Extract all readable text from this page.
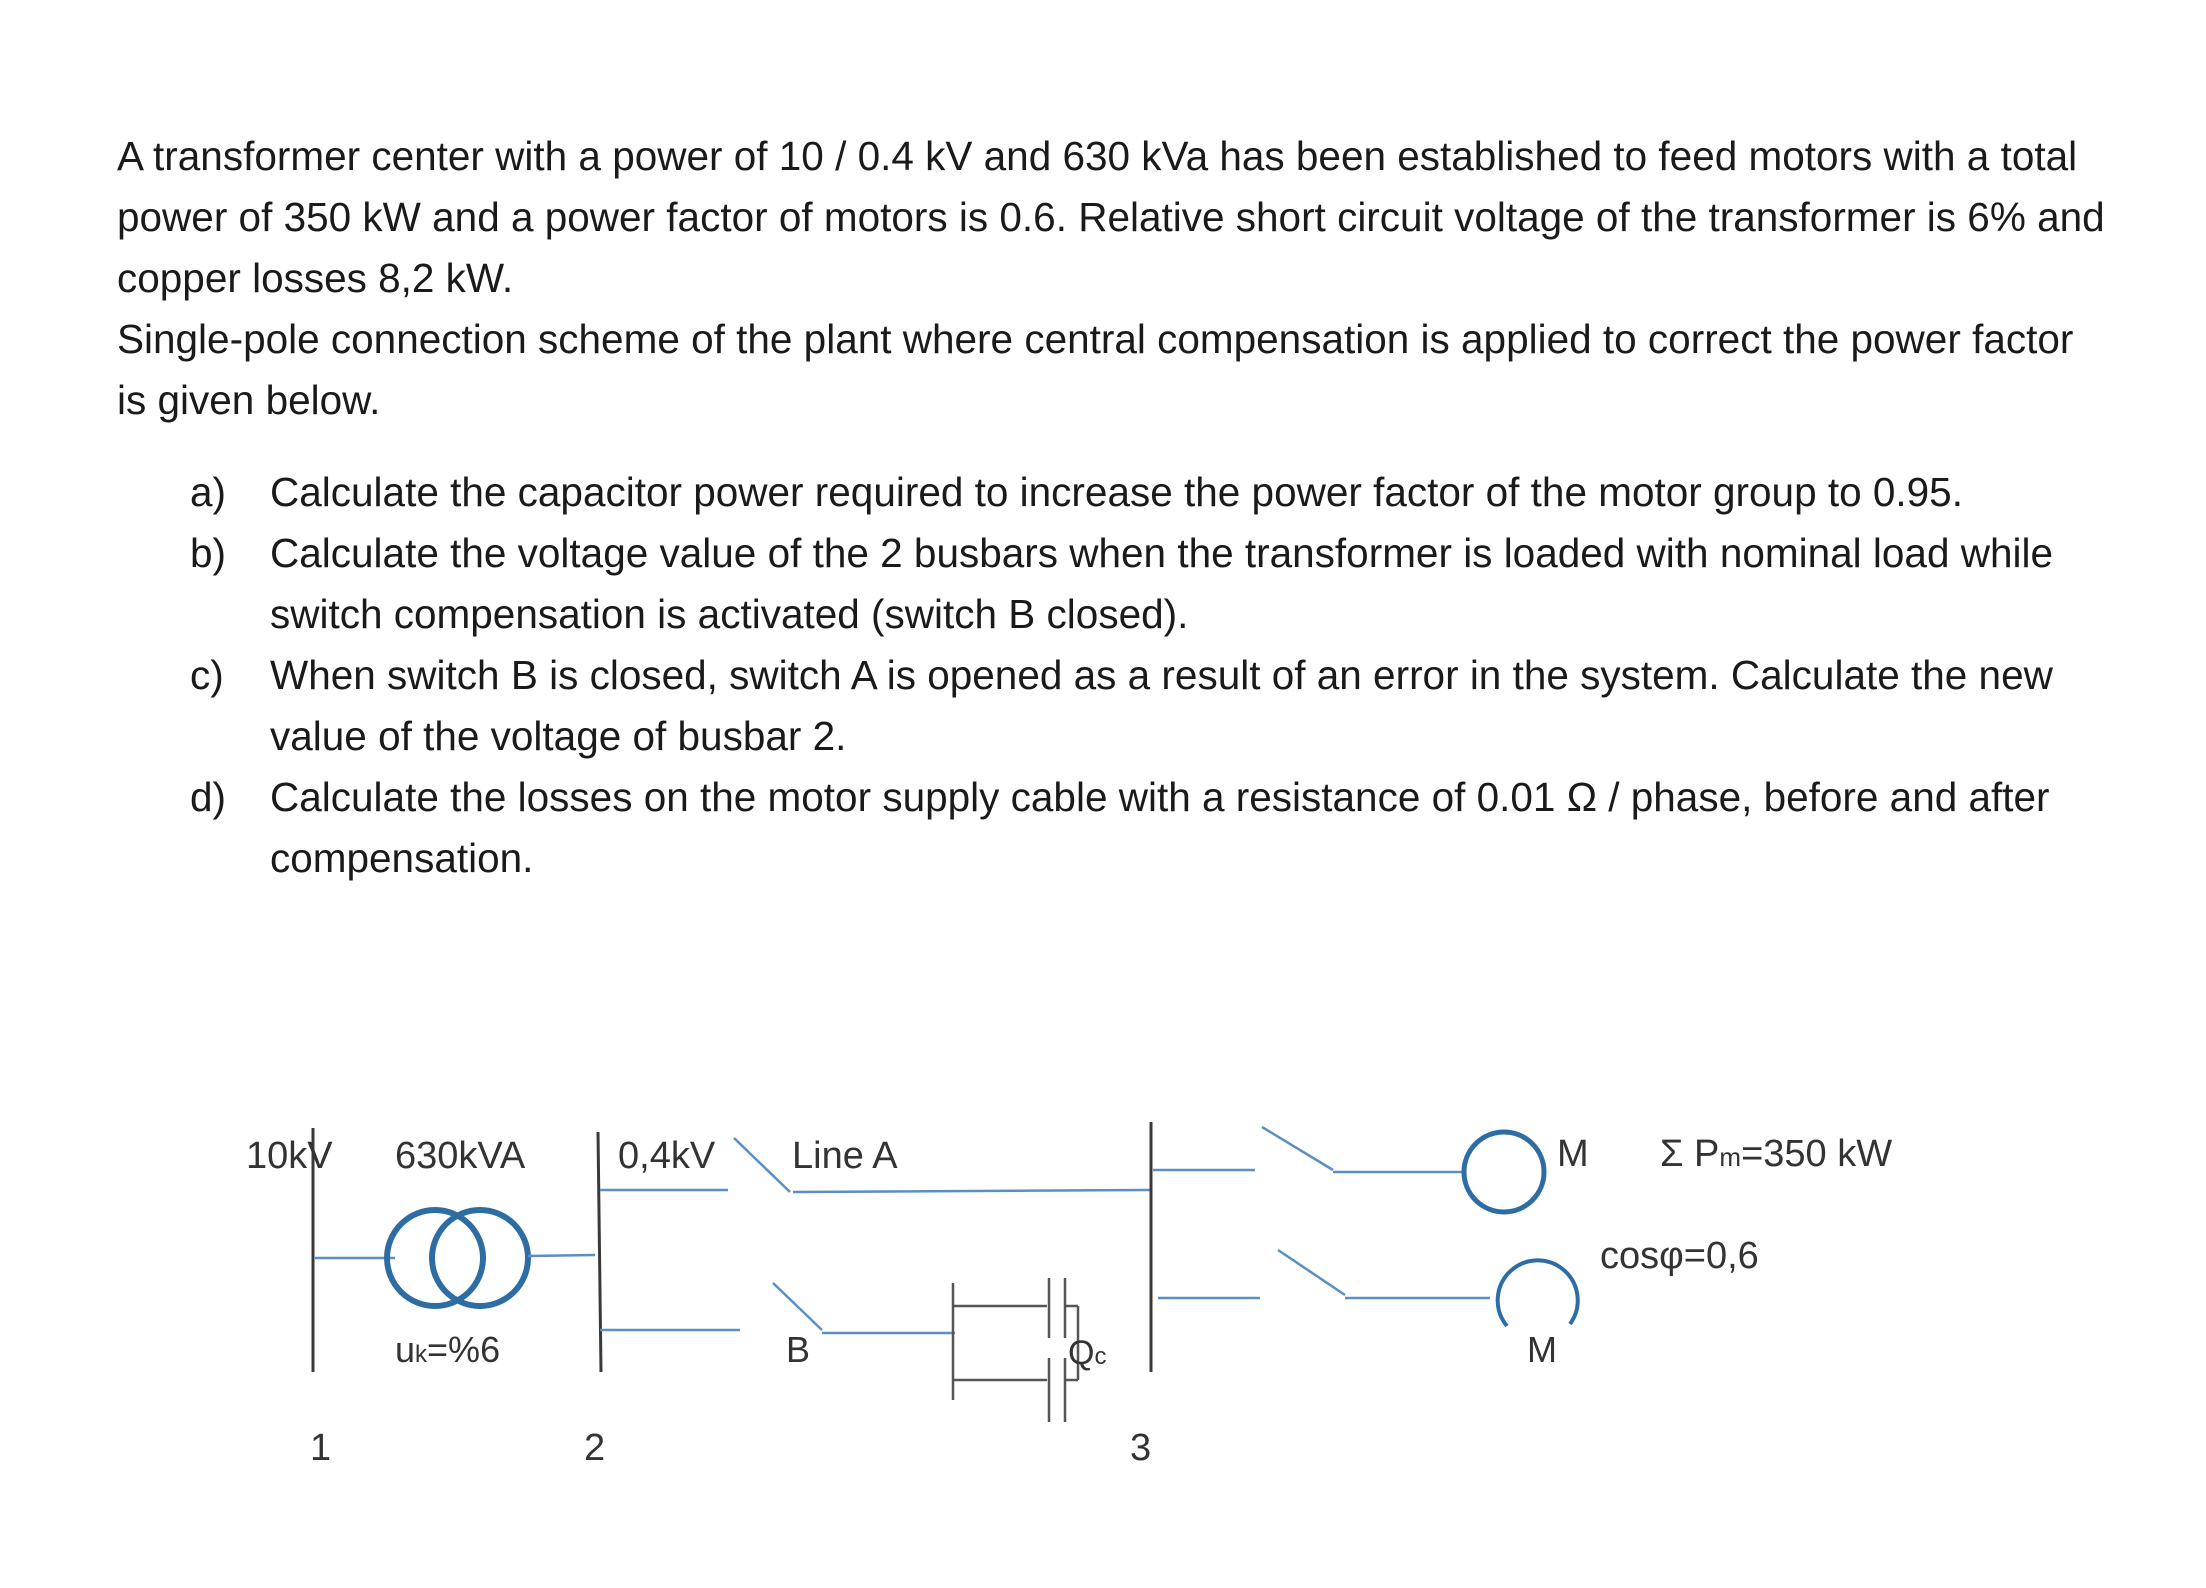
A transformer center with a power of 10 / 0.4 kV and 630 kVa has been established to feed motors with a total power of 350 kW and a power factor of motors is 0.6. Relative short circuit voltage of the transformer is 6% and copper losses 8,2 kW.

Single-pole connection scheme of the plant where central compensation is applied to correct the power factor is given below.

a)	Calculate the capacitor power required to increase the power factor of the motor group to 0.95.
b)	Calculate the voltage value of the 2 busbars when the transformer is loaded with nominal load while switch compensation is activated (switch B closed).
c)	When switch B is closed, switch A is opened as a result of an error in the system. Calculate the new value of the voltage of busbar 2.
d)	Calculate the losses on the motor supply cable with a resistance of 0.01 Ω / phase, before and after compensation.
10kV 630kVA 0,4kV Line A
B
uk=%6	Qc
M
M
Σ Pm=350 kW
cosφ=0,6
1	2	3
